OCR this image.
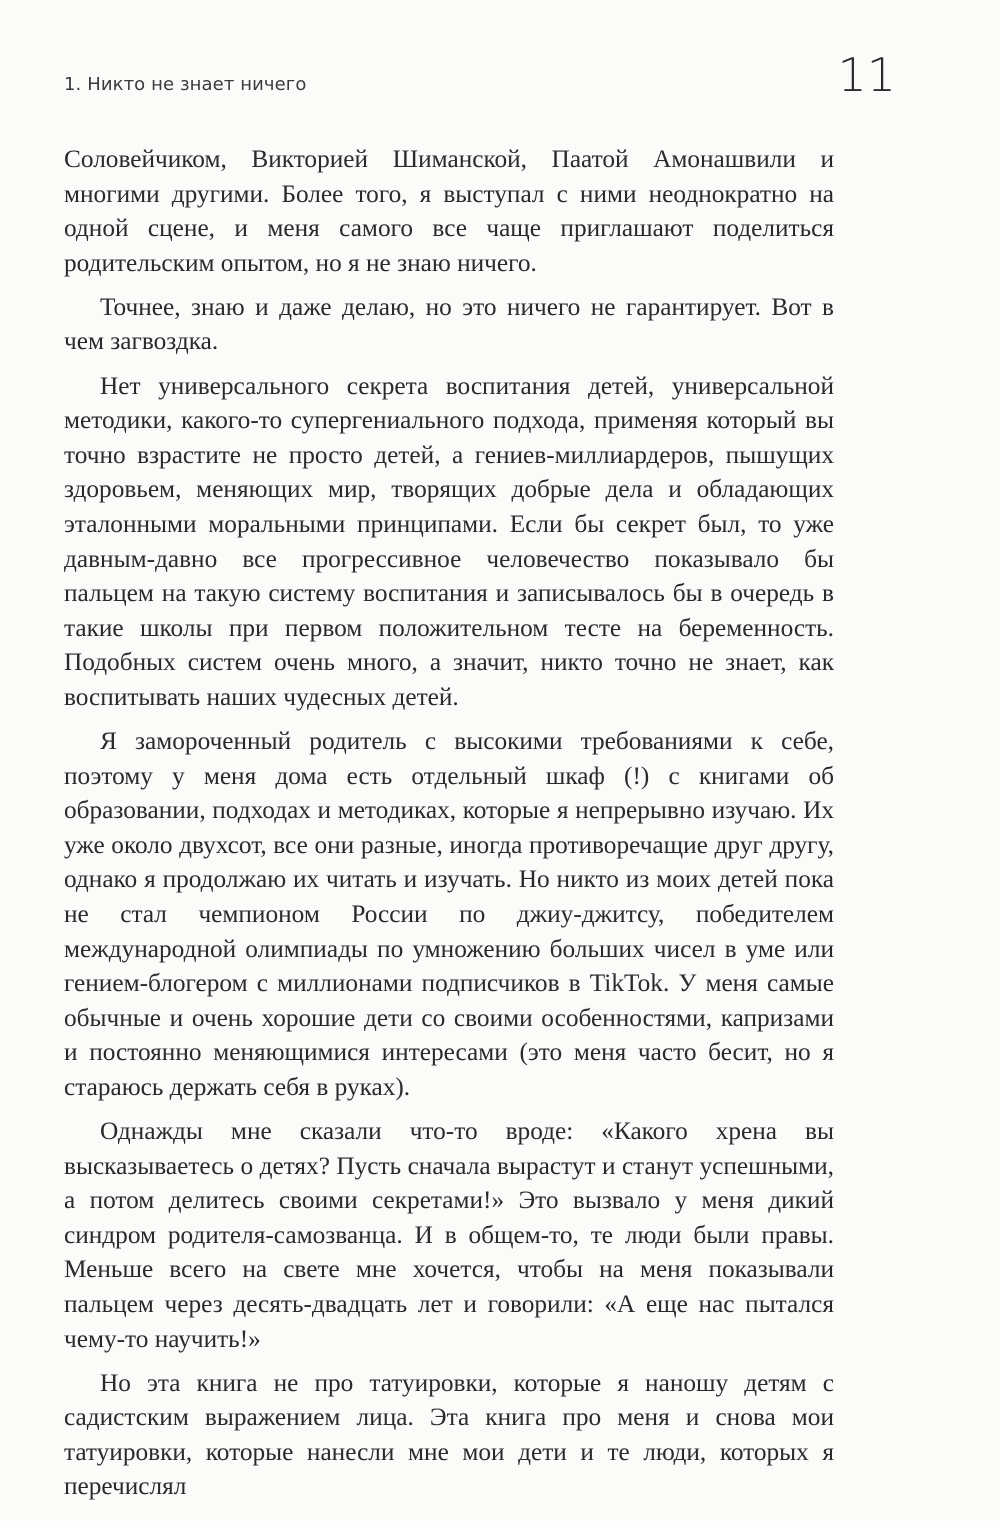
1. Никто не знает ничего	11

Соловейчиком, Викторией Шиманской, Паатой Амонашвили и многими другими. Более того, я выступал с ними неоднократно на одной сцене, и меня самого все чаще приглашают поделиться родительским опытом, но я не знаю ничего.

Точнее, знаю и даже делаю, но это ничего не гарантирует. Вот в чем загвоздка.

Нет универсального секрета воспитания детей, универсальной методики, какого-то супергениального подхода, применяя который вы точно взрастите не просто детей, а гениев-миллиардеров, пышущих здоровьем, меняющих мир, творящих добрые дела и обладающих эталонными моральными принципами. Если бы секрет был, то уже давным-давно все прогрессивное человечество показывало бы пальцем на такую систему воспитания и записывалось бы в очередь в такие школы при первом положительном тесте на беременность. Подобных систем очень много, а значит, никто точно не знает, как воспитывать наших чудесных детей.

Я замороченный родитель с высокими требованиями к себе, поэтому у меня дома есть отдельный шкаф (!) с книгами об образовании, подходах и методиках, которые я непрерывно изучаю. Их уже около двухсот, все они разные, иногда противоречащие друг другу, однако я продолжаю их читать и изучать. Но никто из моих детей пока не стал чемпионом России по джиу-джитсу, победителем международной олимпиады по умножению больших чисел в уме или гением-блогером с миллионами подписчиков в TikTok. У меня самые обычные и очень хорошие дети со своими особенностями, капризами и постоянно меняющимися интересами (это меня часто бесит, но я стараюсь держать себя в руках).

Однажды мне сказали что-то вроде: «Какого хрена вы высказываетесь о детях? Пусть сначала вырастут и станут успешными, а потом делитесь своими секретами!» Это вызвало у меня дикий синдром родителя-самозванца. И в общем-то, те люди были правы. Меньше всего на свете мне хочется, чтобы на меня показывали пальцем через десять-двадцать лет и говорили: «А еще нас пытался чему-то научить!»

Но эта книга не про татуировки, которые я наношу детям с садистским выражением лица. Эта книга про меня и снова мои татуировки, которые нанесли мне мои дети и те люди, которых я перечислял
